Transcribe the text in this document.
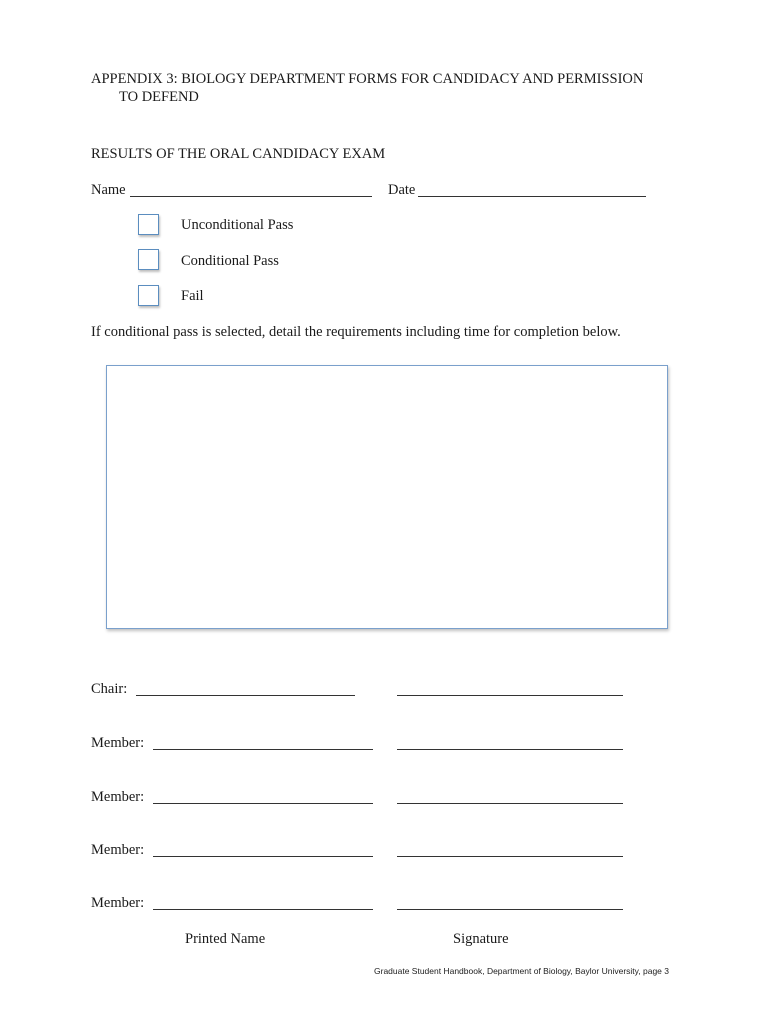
APPENDIX 3: BIOLOGY DEPARTMENT FORMS FOR CANDIDACY AND PERMISSION
TO DEFEND
RESULTS OF THE ORAL CANDIDACY EXAM
Name	Date
Unconditional Pass
Conditional Pass
Fail
If conditional pass is selected, detail the requirements including time for completion below.
Chair:
Member:
Member:
Member:
Member:
Printed Name	Signature
Graduate Student Handbook, Department of Biology, Baylor University, page 3
